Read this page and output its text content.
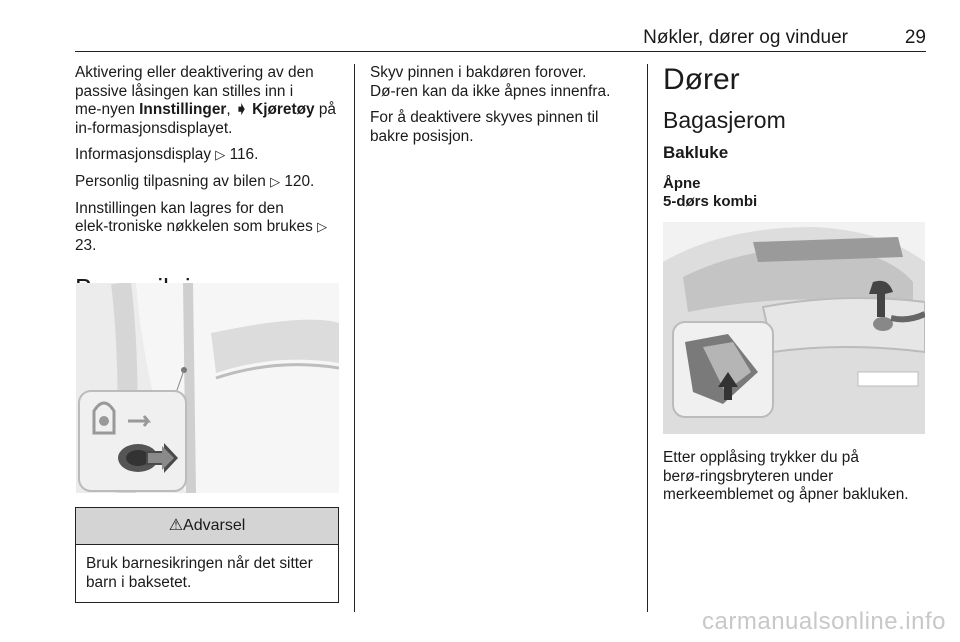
Nøkler, dører og vinduer	29

Aktivering eller deaktivering av den passive låsingen kan stilles inn i me‑nyen Innstillinger, ➧ Kjøretøy på in‑formasjonsdisplayet.

Informasjonsdisplay ▷ 116.

Personlig tilpasning av bilen ▷ 120.

Innstillingen kan lagres for den elek‑troniske nøkkelen som brukes ▷ 23.

⚠Advarsel
Bruk barnesikringen når det sitter barn i baksetet.

Skyv pinnen i bakdøren forover. Dø‑ren kan da ikke åpnes innenfra.

For å deaktivere skyves pinnen til bakre posisjon.

Dører
Bagasjerom
Bakluke
Åpne
5-dørs kombi
Etter opplåsing trykker du på berø‑ringsbryteren under merkeemblemet og åpner bakluken.
carmanualsonline.info
